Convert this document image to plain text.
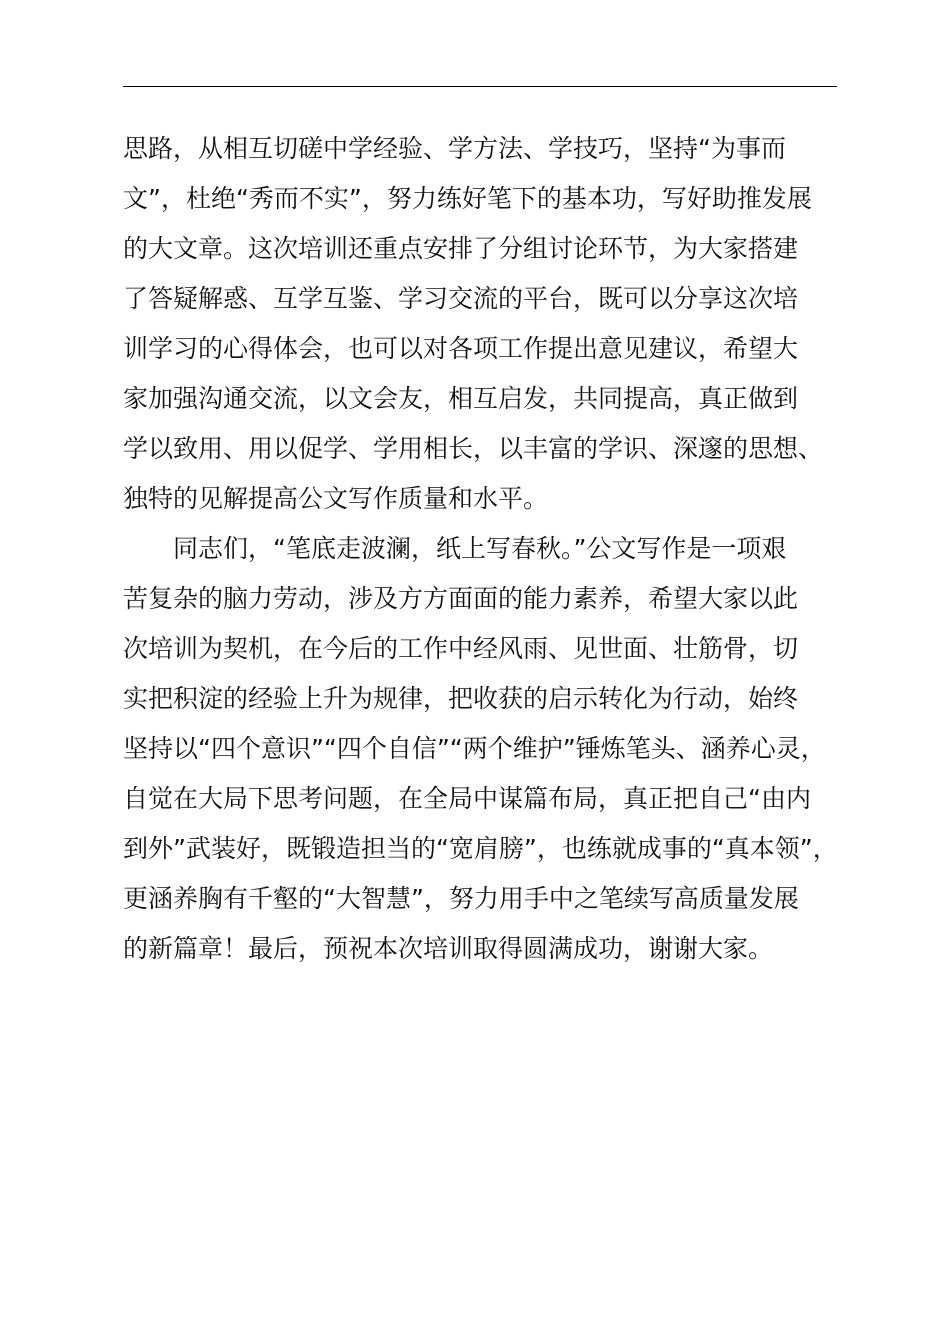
思路，从相互切磋中学经验、学方法、学技巧，坚持“为事而
文”，杜绝“秀而不实”，努力练好笔下的基本功，写好助推发展
的大文章。这次培训还重点安排了分组讨论环节，为大家搭建
了答疑解惑、互学互鉴、学习交流的平台，既可以分享这次培
训学习的心得体会，也可以对各项工作提出意见建议，希望大
家加强沟通交流，以文会友，相互启发，共同提高，真正做到
学以致用、用以促学、学用相长，以丰富的学识、深邃的思想、
独特的见解提高公文写作质量和水平。

同志们，“笔底走波澜，纸上写春秋。”公文写作是一项艰
苦复杂的脑力劳动，涉及方方面面的能力素养，希望大家以此
次培训为契机，在今后的工作中经风雨、见世面、壮筋骨，切
实把积淀的经验上升为规律，把收获的启示转化为行动，始终
坚持以“四个意识”“四个自信”“两个维护”锤炼笔头、涵养心灵，
自觉在大局下思考问题，在全局中谋篇布局，真正把自己“由内
到外”武装好，既锻造担当的“宽肩膀”，也练就成事的“真本领”，
更涵养胸有千壑的“大智慧”，努力用手中之笔续写高质量发展
的新篇章！最后，预祝本次培训取得圆满成功，谢谢大家。
